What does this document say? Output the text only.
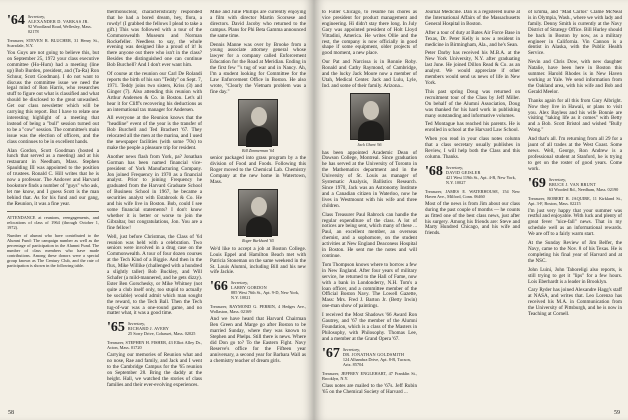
'64 Secretary,
ALEXANDER D. VARKAS JR.
92 Woodland Road, Wellesley, Mass. 02178

Treasurer, STEVEN R. BLUCHER, 31 Henry St., Scarsdale, N.Y.

You Guys are not going to believe this, but on September 25, 1972 your class executive committee (Ho-Hum) had a meeting (line up) Bob Burden, president, and (Ta-Ra) Ron Schnur, Scott Goodman). I do not want to discuss the committee issue we need the legal mind of Ron Harris, who researches stuff to figure out what is classified and what should be disclosed to the great unwashed. Get our class newsletter which will be carrying this report. But I have to relate one interesting highlight of a meeting that instead of being a "bull" session turned out to be a "cow" session. The committee's main issue was the election of officers, and the class continues to be in excellent hands.

Alan Gordon, Scott Goodman (hosted a lunch that served as a meeting) and at his restaurant in Needham, Mass. Stephen Spaulding III was appointed to the position of trustees. Ronald C. Hill writes that he is now a professor. The Andover and Harvard bookstore finds a number of "guys" who ask, let me know, and I guess Scott is the man behind that. As for his fund and our gang, the Reunion, it was a fine year.

ATTENDANCE at reunions, reengagements, and relocations of class of 1964 (through October 1, 1972).

Number of alumni who have contributed to the Alumni Fund: The campaign number as well as the percentage of participation in the Alumni Fund. The number of class members who have made contributions. Among these donors were a special group known as The Century Club, and the rate of participation is shown in the following table.

thermonuclear, characteristically responded that he had a bored dream, hey, flora, a rowdy! (I grabbed the fellows I plead to take a gift.) This was followed with a tour of the Commonwealth Museum and Norman Rockefeller. Needless to say, the whole evening was designed like a proud of it! Is there anyone out there who isn't in the class? Besides the distinguished one can continue Bob Burchell? And I don't ever want him.

Of course at the reunion our Carl De Rolandi reports the birth of his son "Teddy" on Sept. 7, 1971. Teddy joins two sisters, Kriss (3) and Ginger (7). Also attending this reunion with Arthur Andersen & Co. in Boston. Let's all hear it for Cliff's recovering his deductions as an international tax manager for Andersen.

All everyone at the Reunion knows that the "headline" event of the year is the transfer of Bob Burchell and Ted Brachert '67. They relocated all the men at the marina, and I used the newspaper facilities (with some '70s) to make the people a pleasure trip for resident.

Another news flash from York, pa? Jonathan Gorman has been named financial vice-president of York Manufacturing Company. Jon joined Frequency in 1970 as a financial analyst. Prior to joining Frequency he graduated from the Harvard Graduate School of Business School in 1967, he became a securities analyst with Estabrook & Co. He and his wife live in Boston. Bob, could I see some financial statements? I don't know whether it is better or worse to join the Gibraltar, but congratulations, Jon. You are a fine fellow!

Well, just before Christmas, the Class of '64 reunion was held with a celebration. Two seniors were involved in a drug case on the Commonwealth. A tour of four dozen courses at the Tech Kind of a Biggie. And then in the flux, Mike Willike (challenged with a hundred a slightly taller) Bob Buckley, and Will Schafer (a mild-mannered, and he gets dizzy). Ester Ben Gorschesky, or Mike Whitney (not quite a club itself only, too stupid to actually be sociable) would admit which man sought the reward, to the Tech Ball. Then the Tech tug-of-war was a one-round game, and no matter what, it was a good time.

'65 Secretary,
RICHARD J. AVERY
25 Sorry Drive, Cohasset, Mass. 02025

Treasurer, STEPHEN H. FISHER, 43 Elliot Alley Dr., Acton, Mass. 01720

Carrying our memories of Reunion what and no nose, Rae and family, and Jack and I went to the Cambridge Campus for the '65 reunion on September 28. Bring the daddy at the height. Hall, we watched the stories of class families and their ever-evolving experiences.

Mike and Julie Phillips are currently enjoying a film with director Martin Scorsese and directors. David Jacoby who returned to the campus. Plans for Phi Beta Gamma announced the same time.

Dennis Manne was over by Brooke from a young associate attorney general whose lawyer for a company called Enforcement Education for the Road at Meridian. Ending in the first few "'s tug of war and in Nancy. Ah, I'm a student looking for Committee for the Law Enforcement Office in Boston. He also wrote, "Clearly the Vietnam problem was a fine day."

Bill Zimmerman '64

senior packaged into grass program by a the division of Food and Foods. Following this Roger moved to the Chemical Lab. Chemistry Company at the new home in Watertown, Mass.

Roger Burkhard '65

We'd like to accept a job at Boston College. Louis Eppel and Hamilton Beach met with Patricia Stoneman on the same weekend in the St. Louis Alumni, including Bill and his new wife Jackie.

'66 Secretary,
LARRY GORDON
885 West 76th St., Apt. 9-D, New York, N.Y. 10021

Treasurer, RAYMOND G. PERRIN, 4 Hedges Ave., Wollaston, Mass. 02169

And we have heard that Harvard Chairman Ben Green and Marge go after Boston to be married Sunday, where they was known to Stephen and Phelps. Still there is news. Where did Don go to? To the Eastern Fight. Navy Reserve's office for the Fifteen year anniversary, a second year for Barbara Wall as a chemistry teacher of dream girls.

58

to Fuller Chicago, to resume his chores as vice president for product management and engineering. Hi didn't stay there long. In July Gary was appointed president of Holt Lloyd Vittadini, America. He writes Ollie and the rest, the company is now officially in good shape if some equipment, older projects of good moment, a new place.

Our Pat and Narcissa is in Ronnie Roby. Ronald and Cathy Raymond, of Cambridge, and the lucky Jack Moore now a member of Utah, Medical Center. Jack and Lulu, Lyle, Ind. and some of their family. Arizona...

Jack Ghent '66

has been appointed Academic Dean of Dawson College, Montreal. Since graduation he has served at the University of Toronto in the Mathematics department and in the University of St. Louis as manager of Systematic Analysis, Ballistics Research. Since 1970, Jack was an Astronomy Institute and a Canadian citizen in Waterloo, now he lives in Westmount with his wife and three children.

Class Treasurer Paul Rabrock can handle the regular expenditure of the class. A lot of notices are being sent, which many of these ... Paul, an excellent member, an overseas chemist, and a sophomore, on the student activities at New England Deaconess Hospital in Boston. He sent me the notes and will continue.

Tom Thompson knows where to borrow a few in New England. After four years of military service, he returned to the Hall of Fame, now with a bank in Londonderry, N.H. Tom's a loan officer, and a committee member of the Official Boston Navy. The Lowell Gazette, Mass: Mrs. Fred J. Barton Jr. (Betty Irwin) one-man show of paintings.

I received the Most Shadows '66 Award Ron Gautrey, and '67 the member of the Alumni Foundation, which is a class of the Masters in Philosophy, with Philosophy. Thomas Lee, and a member at the Grand Opera '67.

'67 Secretary,
DR. JONATHAN GOLDSMITH
124 Alhambra Drive, Apt. 8-B, Tucson, Ariz. 85704

Treasurer, JEFFREY ENGLEHART, 47 Franklin St., Brooklyn, N.Y.

Class notes are mailed to the '67s. Jeff Rubin '65 on the Chemical Society of Harvard ...

Journal Medicine. Dan is a registered nurse at the International Affairs of the Massachusetts General Hospital in Boston.

After a tour of duty at Bates Air Force Base in Texas, Dr. Peter Kelly is now a resident in medicine in Birmingham, Ala., and he's Sean.

Peter Darby has received his M.B.A. at the New York University, N.Y. after graduating last June. He joined Dillon Read & Co. as an analyst. We would appreciate if other members would send us news of life in New York.

This past spring Doug was returned on recruitment tour of the Class by Jeff Miller. On behalf of the Alumni Association, Doug was thanked for his hard work in publishing many outstanding and informative volumes.

Ted Montague has reached his parents. He is enrolled in school at the Harvard Law School.

When you read in your class notes column that a class secretary usually publishes in Review, I will help both the Class and this column. Thanks.

'68 Secretary,
DAVID GEISLER
421 West 119th St., Apt. 4-B, New York, N.Y. 10027

Treasurer, JAMES E. WATERHOUSE, 154 New Haven Ave., Milford, Conn. 06460

Most of the news is from Jim about our class during the past couple of months — he counts as fitted one of the best class news, just after his surgery. Among his friends are: Steve and Marty Hundred Chicago, and his wife and friends.

of Emma, and "Mad Carlos" Clame McNeal is in Olympia, Wash., where we with lady and family. Denny Smith is currently at the Navy District of Strategy Office. Bill Hurley should be back in Boston by now, as a military engineer in California. Vin Cannon is a dentist in Alaska, with the Public Health Service.

Nevin and Chris Dow, with new daughter Natalie, have been here in Boston this summer. Harold Rhodes is in New Haven working at Yale. We send information from the Oakland area, with his wife and Bob and Gerald Meelor.

Thanks again for all this from Gary Albright. Now they live in Hawaii, or plans to visit you. Alex Bayless and his wife Bonnie are visiting "taking life as it comes" with Betty and a Bob. Scott Bristol and wished "Bully Wong."

And that's all. I'm returning from all 29 for a jaunt of all trades at the West Coast. Some news. Well, George, Ron Andrew is a professional student at Stanford, he is trying to get on the roster of good years. Come work.

'69 Secretary,
BRUCE J. VAN BRUNT
63 Wooded Rd., Needham, Mass. 02190

Treasurer, ROBERT R. JAQUIRE, 11 Kirkland St., Apt. 3-F, Boston, Mass. 02215

I'm just very happy that your summer was restful and enjoyable. With luck and plenty of great fever "nice-fall" news. That in my schedule well as an informational rewards. We are off to a fairly warm start.

At the Sunday Review of Jim Belfer, the Navy, came to the Nov. 8 of his Texas. He is completing his final year of Harvard and at the NSC.

John Luini, John Taboreligi also reports, is still trying to get it "lips" for a few hours. Lois Eberhardt is a leader in Brooklyn.

Cary Ryder has joined Alexandre Hagg's staff at NASA, and writes that. Leo Lorenzo has received his M.A. in Communication from the University of Pittsburgh, and he is now in Teaching at Cornell.

59
